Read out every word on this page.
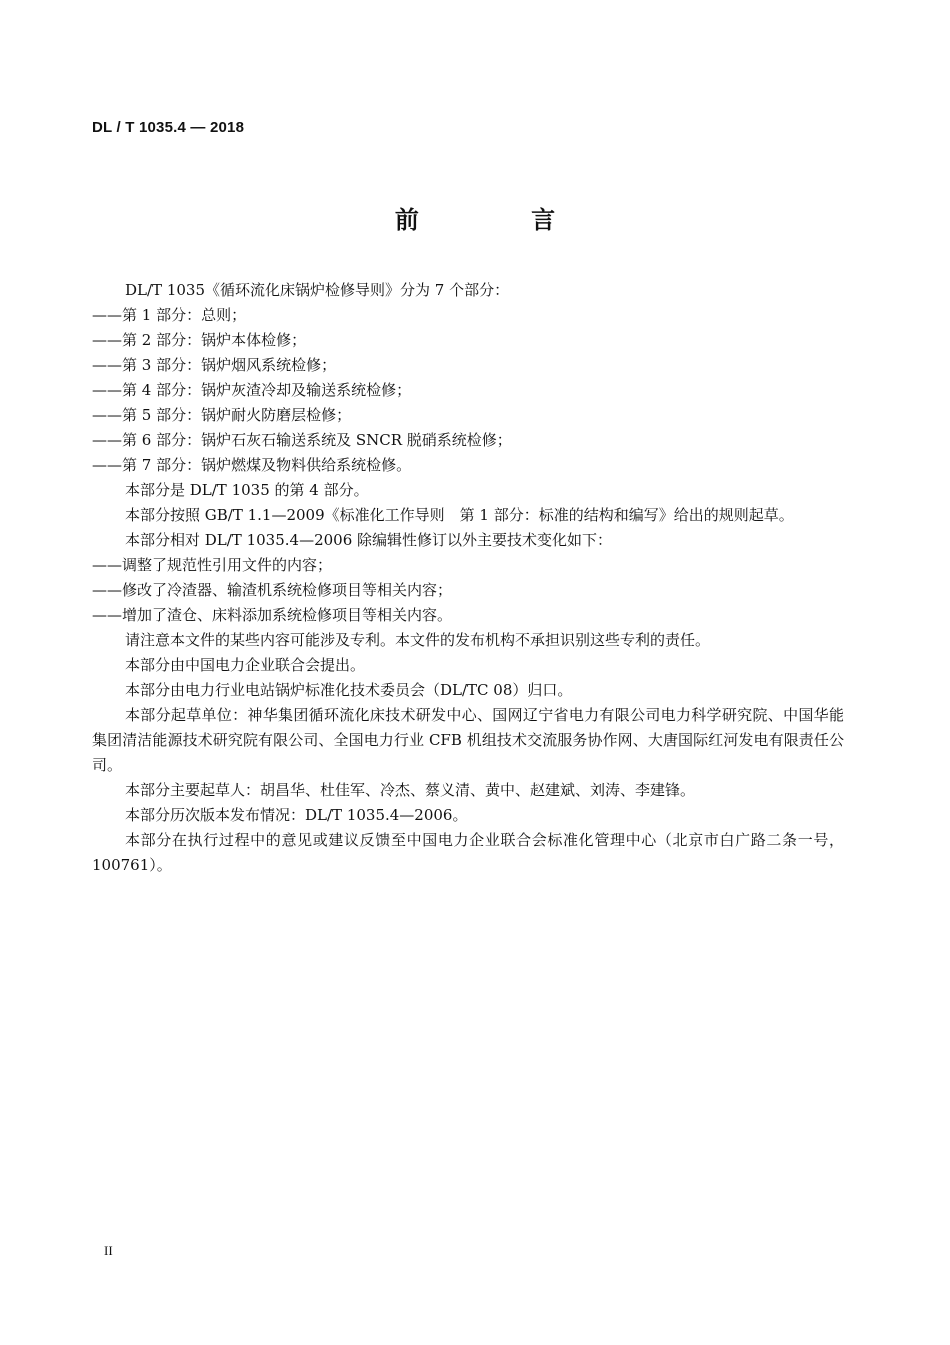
DL / T 1035.4 — 2018
前 言

DL/T 1035《循环流化床锅炉检修导则》分为 7 个部分：

——第 1 部分：总则；

——第 2 部分：锅炉本体检修；

——第 3 部分：锅炉烟风系统检修；

——第 4 部分：锅炉灰渣冷却及输送系统检修；

——第 5 部分：锅炉耐火防磨层检修；

——第 6 部分：锅炉石灰石输送系统及 SNCR 脱硝系统检修；

——第 7 部分：锅炉燃煤及物料供给系统检修。

本部分是 DL/T 1035 的第 4 部分。

本部分按照 GB/T 1.1—2009《标准化工作导则　第 1 部分：标准的结构和编写》给出的规则起草。

本部分相对 DL/T 1035.4—2006 除编辑性修订以外主要技术变化如下：

——调整了规范性引用文件的内容；

——修改了冷渣器、输渣机系统检修项目等相关内容；

——增加了渣仓、床料添加系统检修项目等相关内容。

请注意本文件的某些内容可能涉及专利。本文件的发布机构不承担识别这些专利的责任。

本部分由中国电力企业联合会提出。

本部分由电力行业电站锅炉标准化技术委员会（DL/TC 08）归口。

本部分起草单位：神华集团循环流化床技术研发中心、国网辽宁省电力有限公司电力科学研究院、中国华能集团清洁能源技术研究院有限公司、全国电力行业 CFB 机组技术交流服务协作网、大唐国际红河发电有限责任公司。

本部分主要起草人：胡昌华、杜佳军、冷杰、蔡义清、黄中、赵建斌、刘涛、李建锋。

本部分历次版本发布情况：DL/T 1035.4—2006。

本部分在执行过程中的意见或建议反馈至中国电力企业联合会标准化管理中心（北京市白广路二条一号，100761）。

II
